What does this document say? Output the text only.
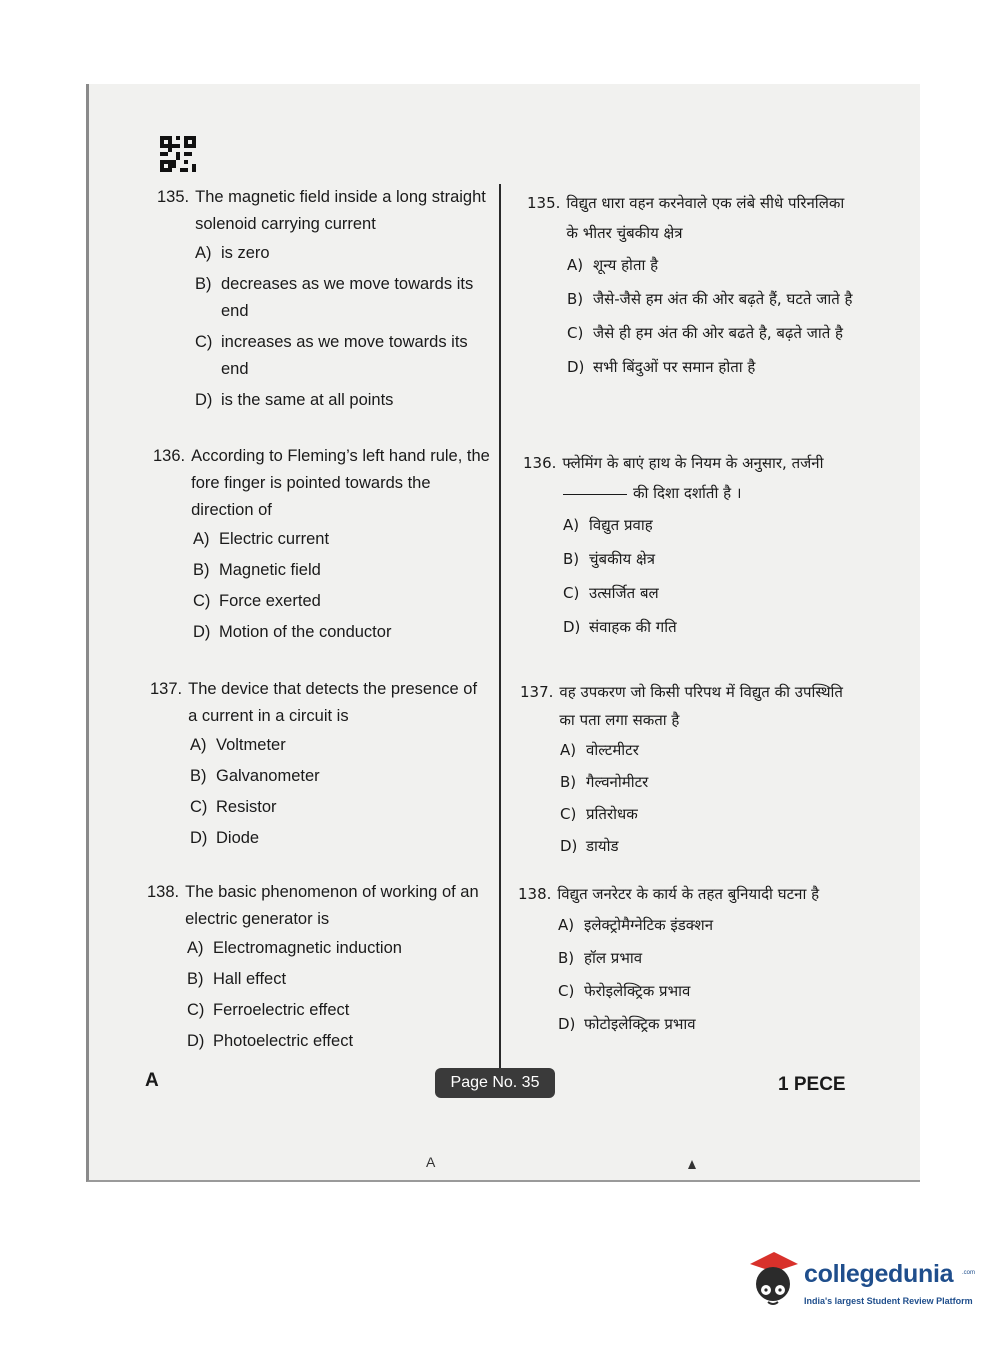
135. The magnetic field inside a long straight solenoid carrying current
A) is zero
B) decreases as we move towards its end
C) increases as we move towards its end
D) is the same at all points
136. According to Fleming’s left hand rule, the fore finger is pointed towards the direction of
A) Electric current
B) Magnetic field
C) Force exerted
D) Motion of the conductor
137. The device that detects the presence of a current in a circuit is
A) Voltmeter
B) Galvanometer
C) Resistor
D) Diode
138. The basic phenomenon of working of an electric generator is
A) Electromagnetic induction
B) Hall effect
C) Ferroelectric effect
D) Photoelectric effect
135. विद्युत धारा वहन करनेवाले एक लंबे सीधे परिनलिका के भीतर चुंबकीय क्षेत्र
A) शून्य होता है
B) जैसे-जैसे हम अंत की ओर बढ़ते हैं, घटते जाते है
C) जैसे ही हम अंत की ओर बढते है, बढ़ते जाते है
D) सभी बिंदुओं पर समान होता है
136. फ्लेमिंग के बाएं हाथ के नियम के अनुसार, तर्जनी
की दिशा दर्शाती है ।
A) विद्युत प्रवाह
B) चुंबकीय क्षेत्र
C) उत्सर्जित बल
D) संवाहक की गति
137. वह उपकरण जो किसी परिपथ में विद्युत की उपस्थिति का पता लगा सकता है
A) वोल्टमीटर
B) गैल्वनोमीटर
C) प्रतिरोधक
D) डायोड
138. विद्युत जनरेटर के कार्य के तहत बुनियादी घटना है
A) इलेक्ट्रोमैग्नेटिक इंडक्शन
B) हॉल प्रभाव
C) फेरोइलेक्ट्रिक प्रभाव
D) फोटोइलेक्ट्रिक प्रभाव
A	Page No. 35	1 PECE
A
collegedunia .com
India's largest Student Review Platform
